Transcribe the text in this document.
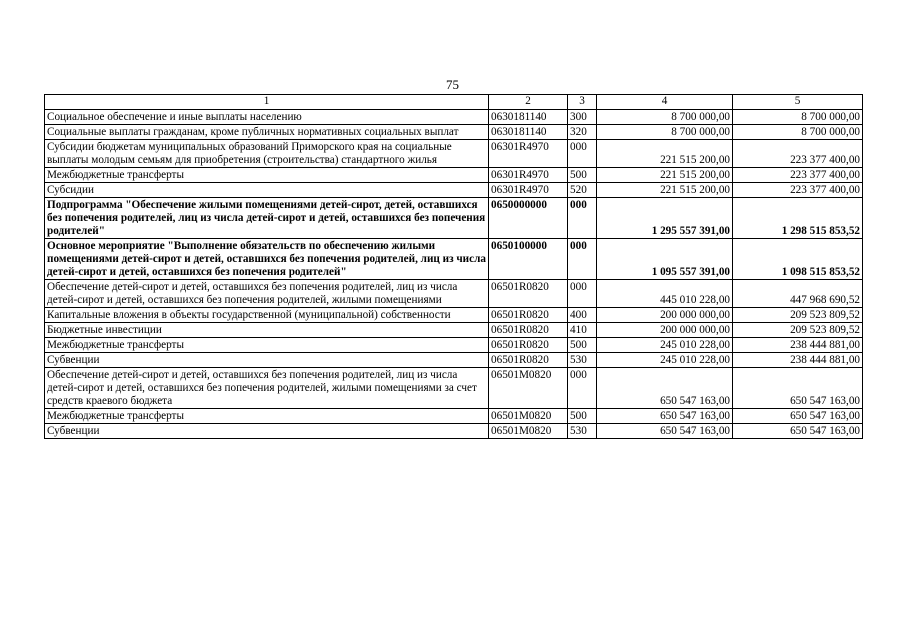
75
1	2	3	4	5
Социальное обеспечение и иные выплаты населению	0630181140	300	8 700 000,00	8 700 000,00
Социальные выплаты гражданам, кроме публичных нормативных социальных выплат	0630181140	320	8 700 000,00	8 700 000,00
Субсидии бюджетам муниципальных образований Приморского края на социальные выплаты молодым семьям для приобретения (строительства) стандартного жилья	06301R4970	000	221 515 200,00	223 377 400,00
Межбюджетные трансферты	06301R4970	500	221 515 200,00	223 377 400,00
Субсидии	06301R4970	520	221 515 200,00	223 377 400,00
Подпрограмма "Обеспечение жилыми помещениями детей-сирот, детей, оставшихся без попечения родителей, лиц из числа детей-сирот и детей, оставшихся без попечения родителей"	0650000000	000	1 295 557 391,00	1 298 515 853,52
Основное мероприятие "Выполнение обязательств по обеспечению жилыми помещениями детей-сирот и детей, оставшихся без попечения родителей, лиц из числа детей-сирот и детей, оставшихся без попечения родителей"	0650100000	000	1 095 557 391,00	1 098 515 853,52
Обеспечение детей-сирот и детей, оставшихся без попечения родителей, лиц из числа детей-сирот и детей, оставшихся без попечения родителей, жилыми помещениями	06501R0820	000	445 010 228,00	447 968 690,52
Капитальные вложения в объекты государственной (муниципальной) собственности	06501R0820	400	200 000 000,00	209 523 809,52
Бюджетные инвестиции	06501R0820	410	200 000 000,00	209 523 809,52
Межбюджетные трансферты	06501R0820	500	245 010 228,00	238 444 881,00
Субвенции	06501R0820	530	245 010 228,00	238 444 881,00
Обеспечение детей-сирот и детей, оставшихся без попечения родителей, лиц из числа детей-сирот и детей, оставшихся без попечения родителей, жилыми помещениями за счет средств краевого бюджета	06501M0820	000	650 547 163,00	650 547 163,00
Межбюджетные трансферты	06501M0820	500	650 547 163,00	650 547 163,00
Субвенции	06501M0820	530	650 547 163,00	650 547 163,00
